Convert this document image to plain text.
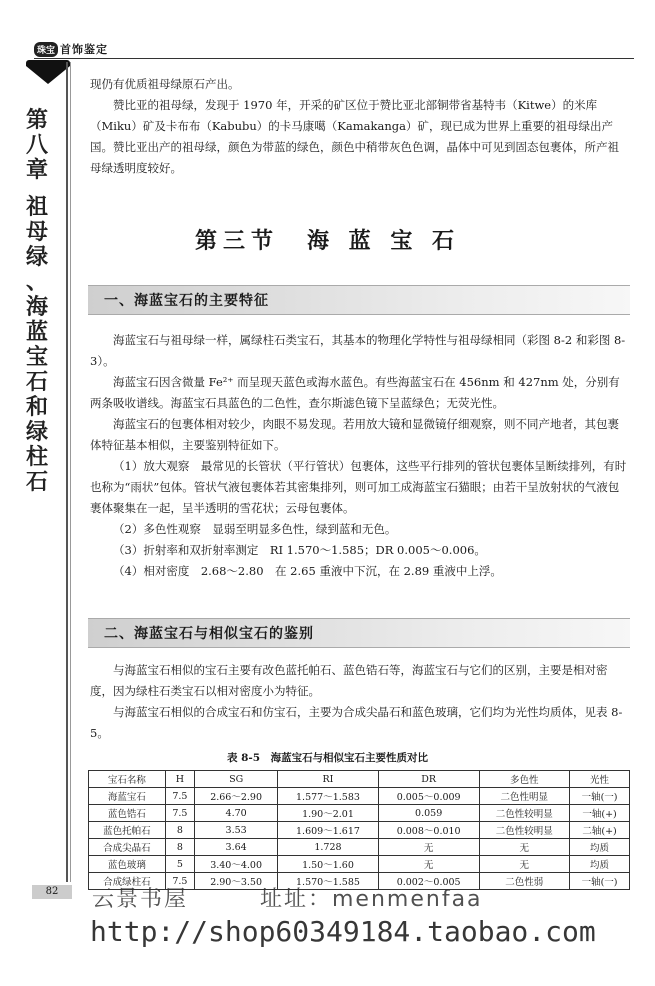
珠宝 首饰鉴定
第
八
章
祖
母
绿
、
海
蓝
宝
石
和
绿
柱
石

现仍有优质祖母绿原石产出。

赞比亚的祖母绿，发现于 1970 年，开采的矿区位于赞比亚北部铜带省基特韦（Kitwe）的米库（Miku）矿及卡布布（Kabubu）的卡马康噶（Kamakanga）矿，现已成为世界上重要的祖母绿出产国。赞比亚出产的祖母绿，颜色为带蓝的绿色，颜色中稍带灰色色调，晶体中可见到固态包裹体，所产祖母绿透明度较好。

第三节　海 蓝 宝 石
一、海蓝宝石的主要特征

海蓝宝石与祖母绿一样，属绿柱石类宝石，其基本的物理化学特性与祖母绿相同（彩图 8-2 和彩图 8-3）。

海蓝宝石因含微量 Fe²⁺ 而呈现天蓝色或海水蓝色。有些海蓝宝石在 456nm 和 427nm 处，分别有两条吸收谱线。海蓝宝石具蓝色的二色性，查尔斯滤色镜下呈蓝绿色；无荧光性。

海蓝宝石的包裹体相对较少，肉眼不易发现。若用放大镜和显微镜仔细观察，则不同产地者，其包裹体特征基本相似，主要鉴别特征如下。

（1）放大观察　最常见的长管状（平行管状）包裹体，这些平行排列的管状包裹体呈断续排列，有时也称为“雨状”包体。管状气液包裹体若其密集排列，则可加工成海蓝宝石猫眼；由若干呈放射状的气液包裹体聚集在一起，呈半透明的雪花状；云母包裹体。

（2）多色性观察　显弱至明显多色性，绿到蓝和无色。

（3）折射率和双折射率测定　RI 1.570～1.585；DR 0.005～0.006。

（4）相对密度　2.68～2.80　在 2.65 重液中下沉，在 2.89 重液中上浮。

二、海蓝宝石与相似宝石的鉴别

与海蓝宝石相似的宝石主要有改色蓝托帕石、蓝色锆石等，海蓝宝石与它们的区别，主要是相对密度，因为绿柱石类宝石以相对密度小为特征。

与海蓝宝石相似的合成宝石和仿宝石，主要为合成尖晶石和蓝色玻璃，它们均为光性均质体，见表 8-5。

表 8-5　海蓝宝石与相似宝石主要性质对比
宝石名称	H	SG	RI	DR	多色性	光性
海蓝宝石	7.5	2.66～2.90	1.577～1.583	0.005～0.009	二色性明显	一轴(一)
蓝色锆石	7.5	4.70	1.90～2.01	0.059	二色性较明显	一轴(+)
蓝色托帕石	8	3.53	1.609～1.617	0.008～0.010	二色性较明显	二轴(+)
合成尖晶石	8	3.64	1.728	无	无	均质
蓝色玻璃	5	3.40～4.00	1.50～1.60	无	无	均质
合成绿柱石	7.5	2.90～3.50	1.570～1.585	0.002～0.005	二色性弱	一轴(一)
82	云景书屋　　　址址：menmenfaa
http://shop60349184.taobao.com
